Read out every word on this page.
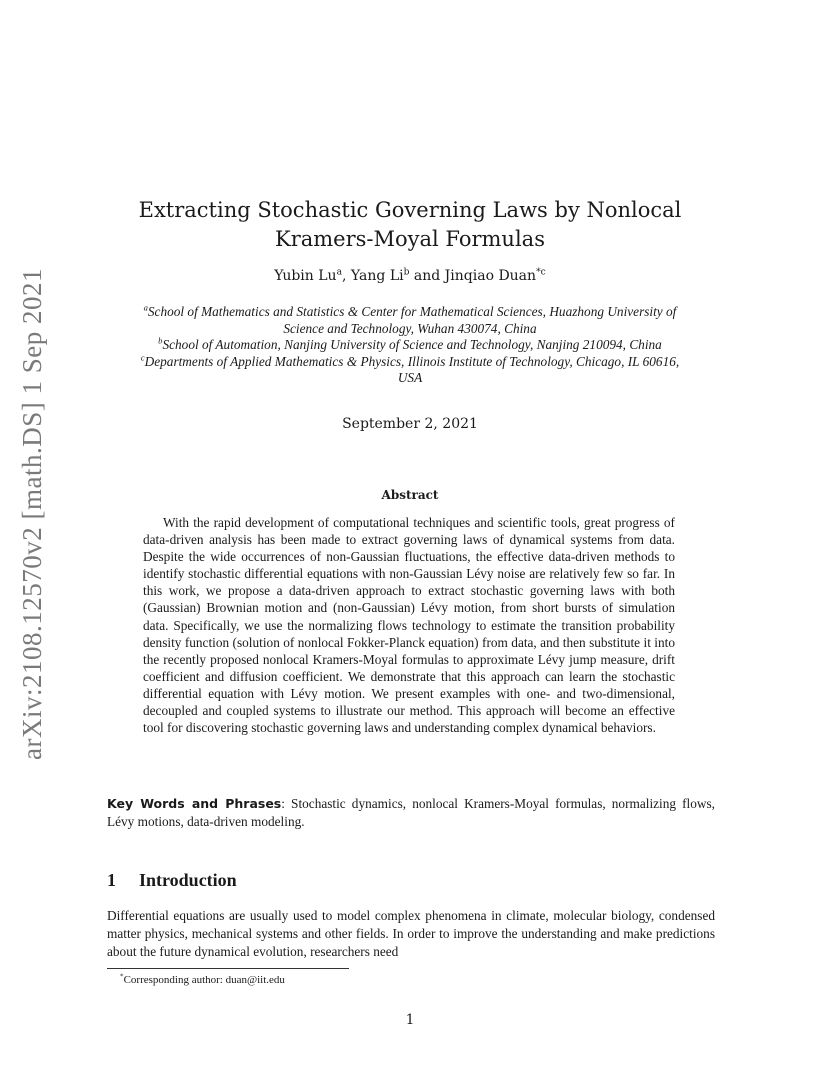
arXiv:2108.12570v2 [math.DS] 1 Sep 2021
Extracting Stochastic Governing Laws by Nonlocal
Kramers-Moyal Formulas
Yubin Lu$^a$, Yang Li$^b$ and Jinqiao Duan$^{*c}$

$^a$School of Mathematics and Statistics & Center for Mathematical Sciences, Huazhong University of

Science and Technology, Wuhan 430074, China

$^b$School of Automation, Nanjing University of Science and Technology, Nanjing 210094, China

$^c$Departments of Applied Mathematics & Physics, Illinois Institute of Technology, Chicago, IL 60616,

USA

September 2, 2021
Abstract
With the rapid development of computational techniques and scientific tools, great progress of data-driven analysis has been made to extract governing laws of dynamical systems from data. Despite the wide occurrences of non-Gaussian fluctuations, the effective data-driven methods to identify stochastic differential equations with non-Gaussian Lévy noise are relatively few so far. In this work, we propose a data-driven approach to extract stochastic governing laws with both (Gaussian) Brownian motion and (non-Gaussian) Lévy motion, from short bursts of simulation data. Specifically, we use the normalizing flows technology to estimate the transition probability density function (solution of nonlocal Fokker-Planck equation) from data, and then substitute it into the recently proposed nonlocal Kramers-Moyal formulas to approximate Lévy jump measure, drift coefficient and diffusion coefficient. We demonstrate that this approach can learn the stochastic differential equation with Lévy motion. We present examples with one- and two-dimensional, decoupled and coupled systems to illustrate our method. This approach will become an effective tool for discovering stochastic governing laws and understanding complex dynamical behaviors.
Key Words and Phrases: Stochastic dynamics, nonlocal Kramers-Moyal formulas, normalizing flows, Lévy motions, data-driven modeling.
1 Introduction
Differential equations are usually used to model complex phenomena in climate, molecular biology, condensed matter physics, mechanical systems and other fields. In order to improve the understanding and make predictions about the future dynamical evolution, researchers need
*Corresponding author: duan@iit.edu
1
